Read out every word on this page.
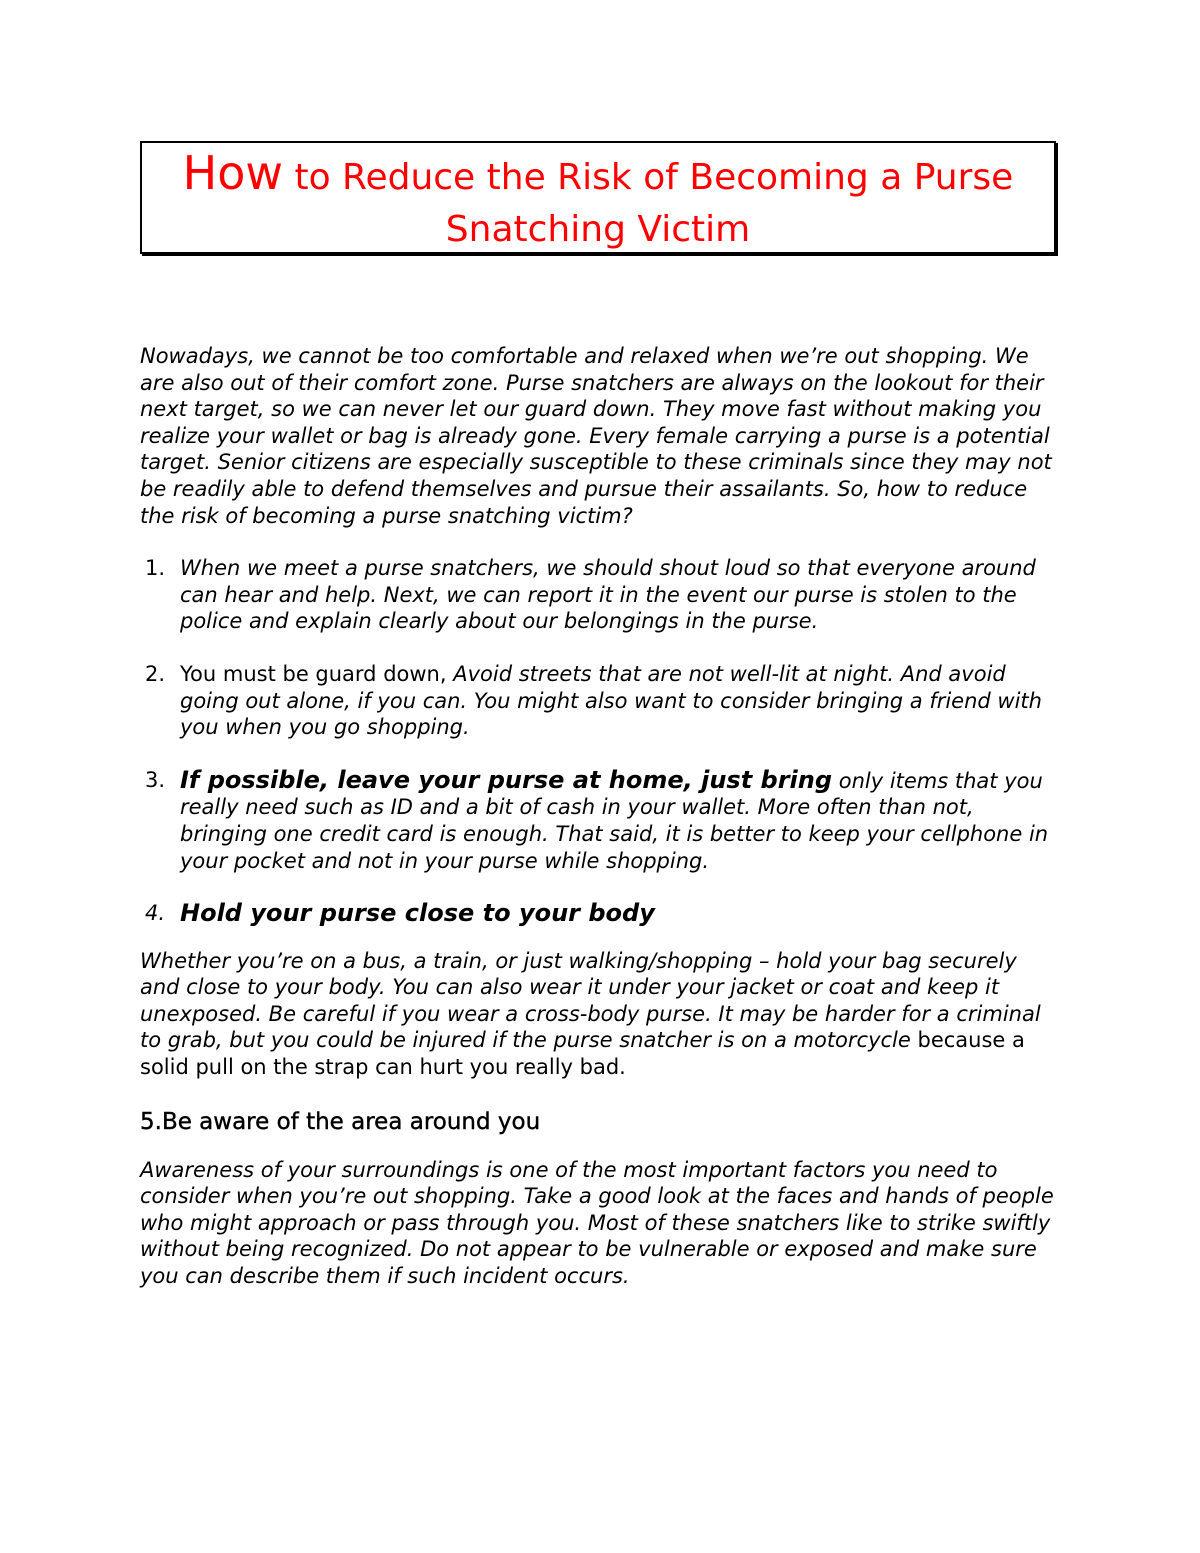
How to Reduce the Risk of Becoming a Purse
Snatching Victim

Nowadays, we cannot be too comfortable and relaxed when we’re out shopping. We are also out of their comfort zone. Purse snatchers are always on the lookout for their next target, so we can never let our guard down. They move fast without making you realize your wallet or bag is already gone. Every female carrying a purse is a potential target. Senior citizens are especially susceptible to these criminals since they may not be readily able to defend themselves and pursue their assailants. So, how to reduce the risk of becoming a purse snatching victim?

1. When we meet a purse snatchers, we should shout loud so that everyone around can hear and help. Next, we can report it in the event our purse is stolen to the police and explain clearly about our belongings in the purse.
2. You must be guard down, Avoid streets that are not well-lit at night. And avoid going out alone, if you can. You might also want to consider bringing a friend with you when you go shopping.
3. If possible, leave your purse at home, just bring only items that you really need such as ID and a bit of cash in your wallet. More often than not, bringing one credit card is enough. That said, it is better to keep your cellphone in your pocket and not in your purse while shopping.
4. Hold your purse close to your body

Whether you’re on a bus, a train, or just walking/shopping – hold your bag securely and close to your body. You can also wear it under your jacket or coat and keep it unexposed. Be careful if you wear a cross-body purse. It may be harder for a criminal to grab, but you could be injured if the purse snatcher is on a motorcycle because a solid pull on the strap can hurt you really bad.

5.Be aware of the area around you

Awareness of your surroundings is one of the most important factors you need to consider when you’re out shopping. Take a good look at the faces and hands of people who might approach or pass through you. Most of these snatchers like to strike swiftly without being recognized. Do not appear to be vulnerable or exposed and make sure you can describe them if such incident occurs.
